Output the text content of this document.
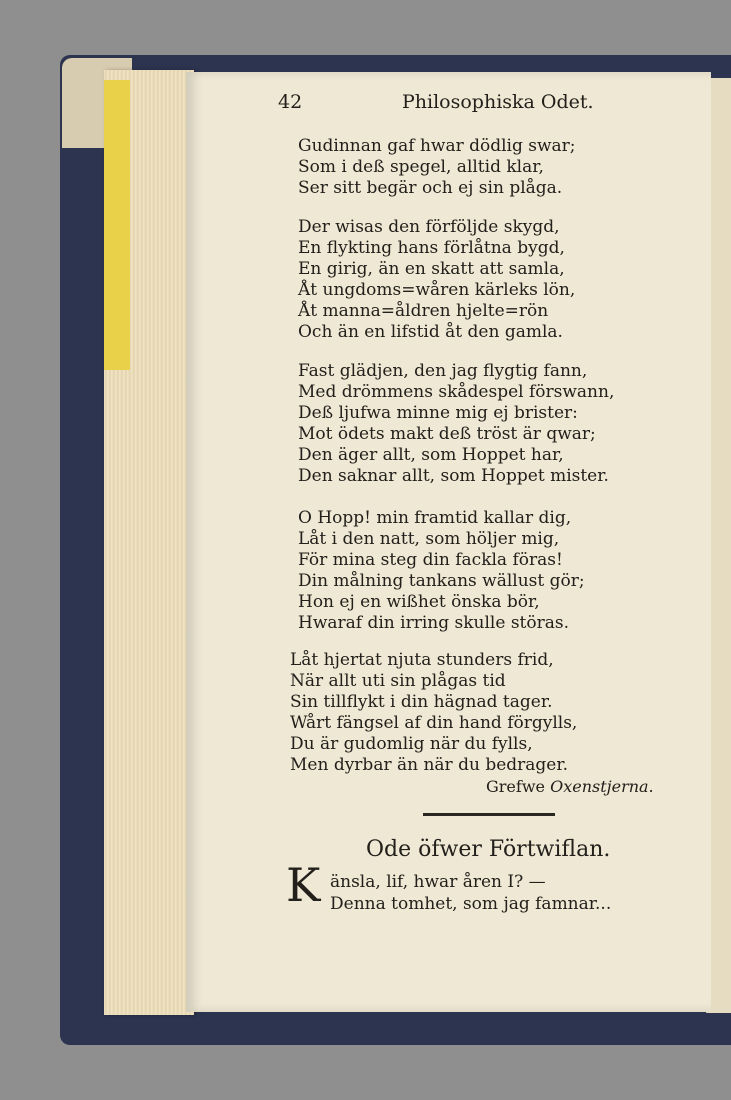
42	Philosophiska Odet.
Gudinnan gaf hwar dödlig swar;
Som i deß spegel, alltid klar,
Ser sitt begär och ej sin plåga.
Der wisas den förföljde skygd,
En flykting hans förlåtna bygd,
En girig, än en skatt att samla,
Åt ungdoms=wåren kärleks lön,
Åt manna=åldren hjelte=rön
Och än en lifstid åt den gamla.
Fast glädjen, den jag flygtig fann,
Med drömmens skådespel förswann,
Deß ljufwa minne mig ej brister:
Mot ödets makt deß tröst är qwar;
Den äger allt, som Hoppet har,
Den saknar allt, som Hoppet mister.
O Hopp! min framtid kallar dig,
Låt i den natt, som höljer mig,
För mina steg din fackla föras!
Din målning tankans wällust gör;
Hon ej en wißhet önska bör,
Hwaraf din irring skulle störas.
Låt hjertat njuta stunders frid,
När allt uti sin plågas tid
Sin tillflykt i din hägnad tager.
Wårt fängsel af din hand förgylls,
Du är gudomlig när du fylls,
Men dyrbar än när du bedrager.
Grefwe Oxenstjerna.
Ode öfwer Förtwiflan.
K änsla, lif, hwar åren I? —
Denna tomhet, som jag famnar...
